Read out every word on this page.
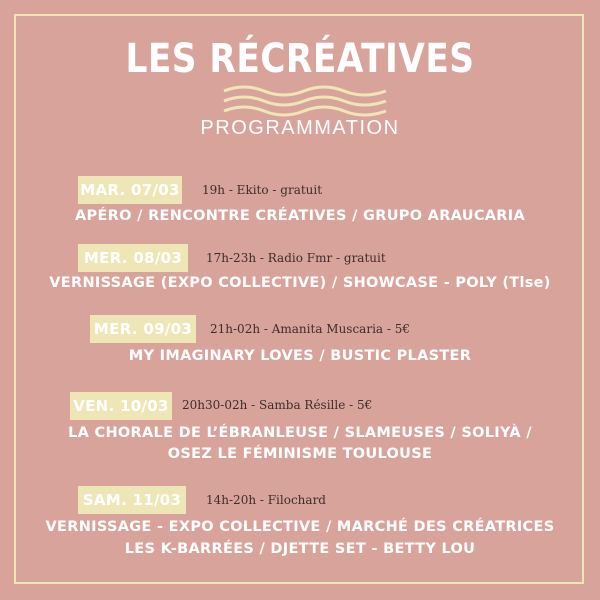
LES RÉCRÉATIVES
PROGRAMMATION
MAR. 07/03 19h - Ekito - gratuit
APÉRO / RENCONTRE CRÉATIVES / GRUPO ARAUCARIA
MER. 08/03	17h-23h - Radio Fmr - gratuit
VERNISSAGE (EXPO COLLECTIVE) / SHOWCASE - POLY (Tlse)
MER. 09/03	21h-02h - Amanita Muscaria - 5€
MY IMAGINARY LOVES / BUSTIC PLASTER
VEN. 10/03 20h30-02h - Samba Résille - 5€
LA CHORALE DE L’ÉBRANLEUSE / SLAMEUSES / SOLIYÀ /
OSEZ LE FÉMINISME TOULOUSE
SAM. 11/03	14h-20h - Filochard
VERNISSAGE - EXPO COLLECTIVE / MARCHÉ DES CRÉATRICES
LES K-BARRÉES / DJETTE SET - BETTY LOU
